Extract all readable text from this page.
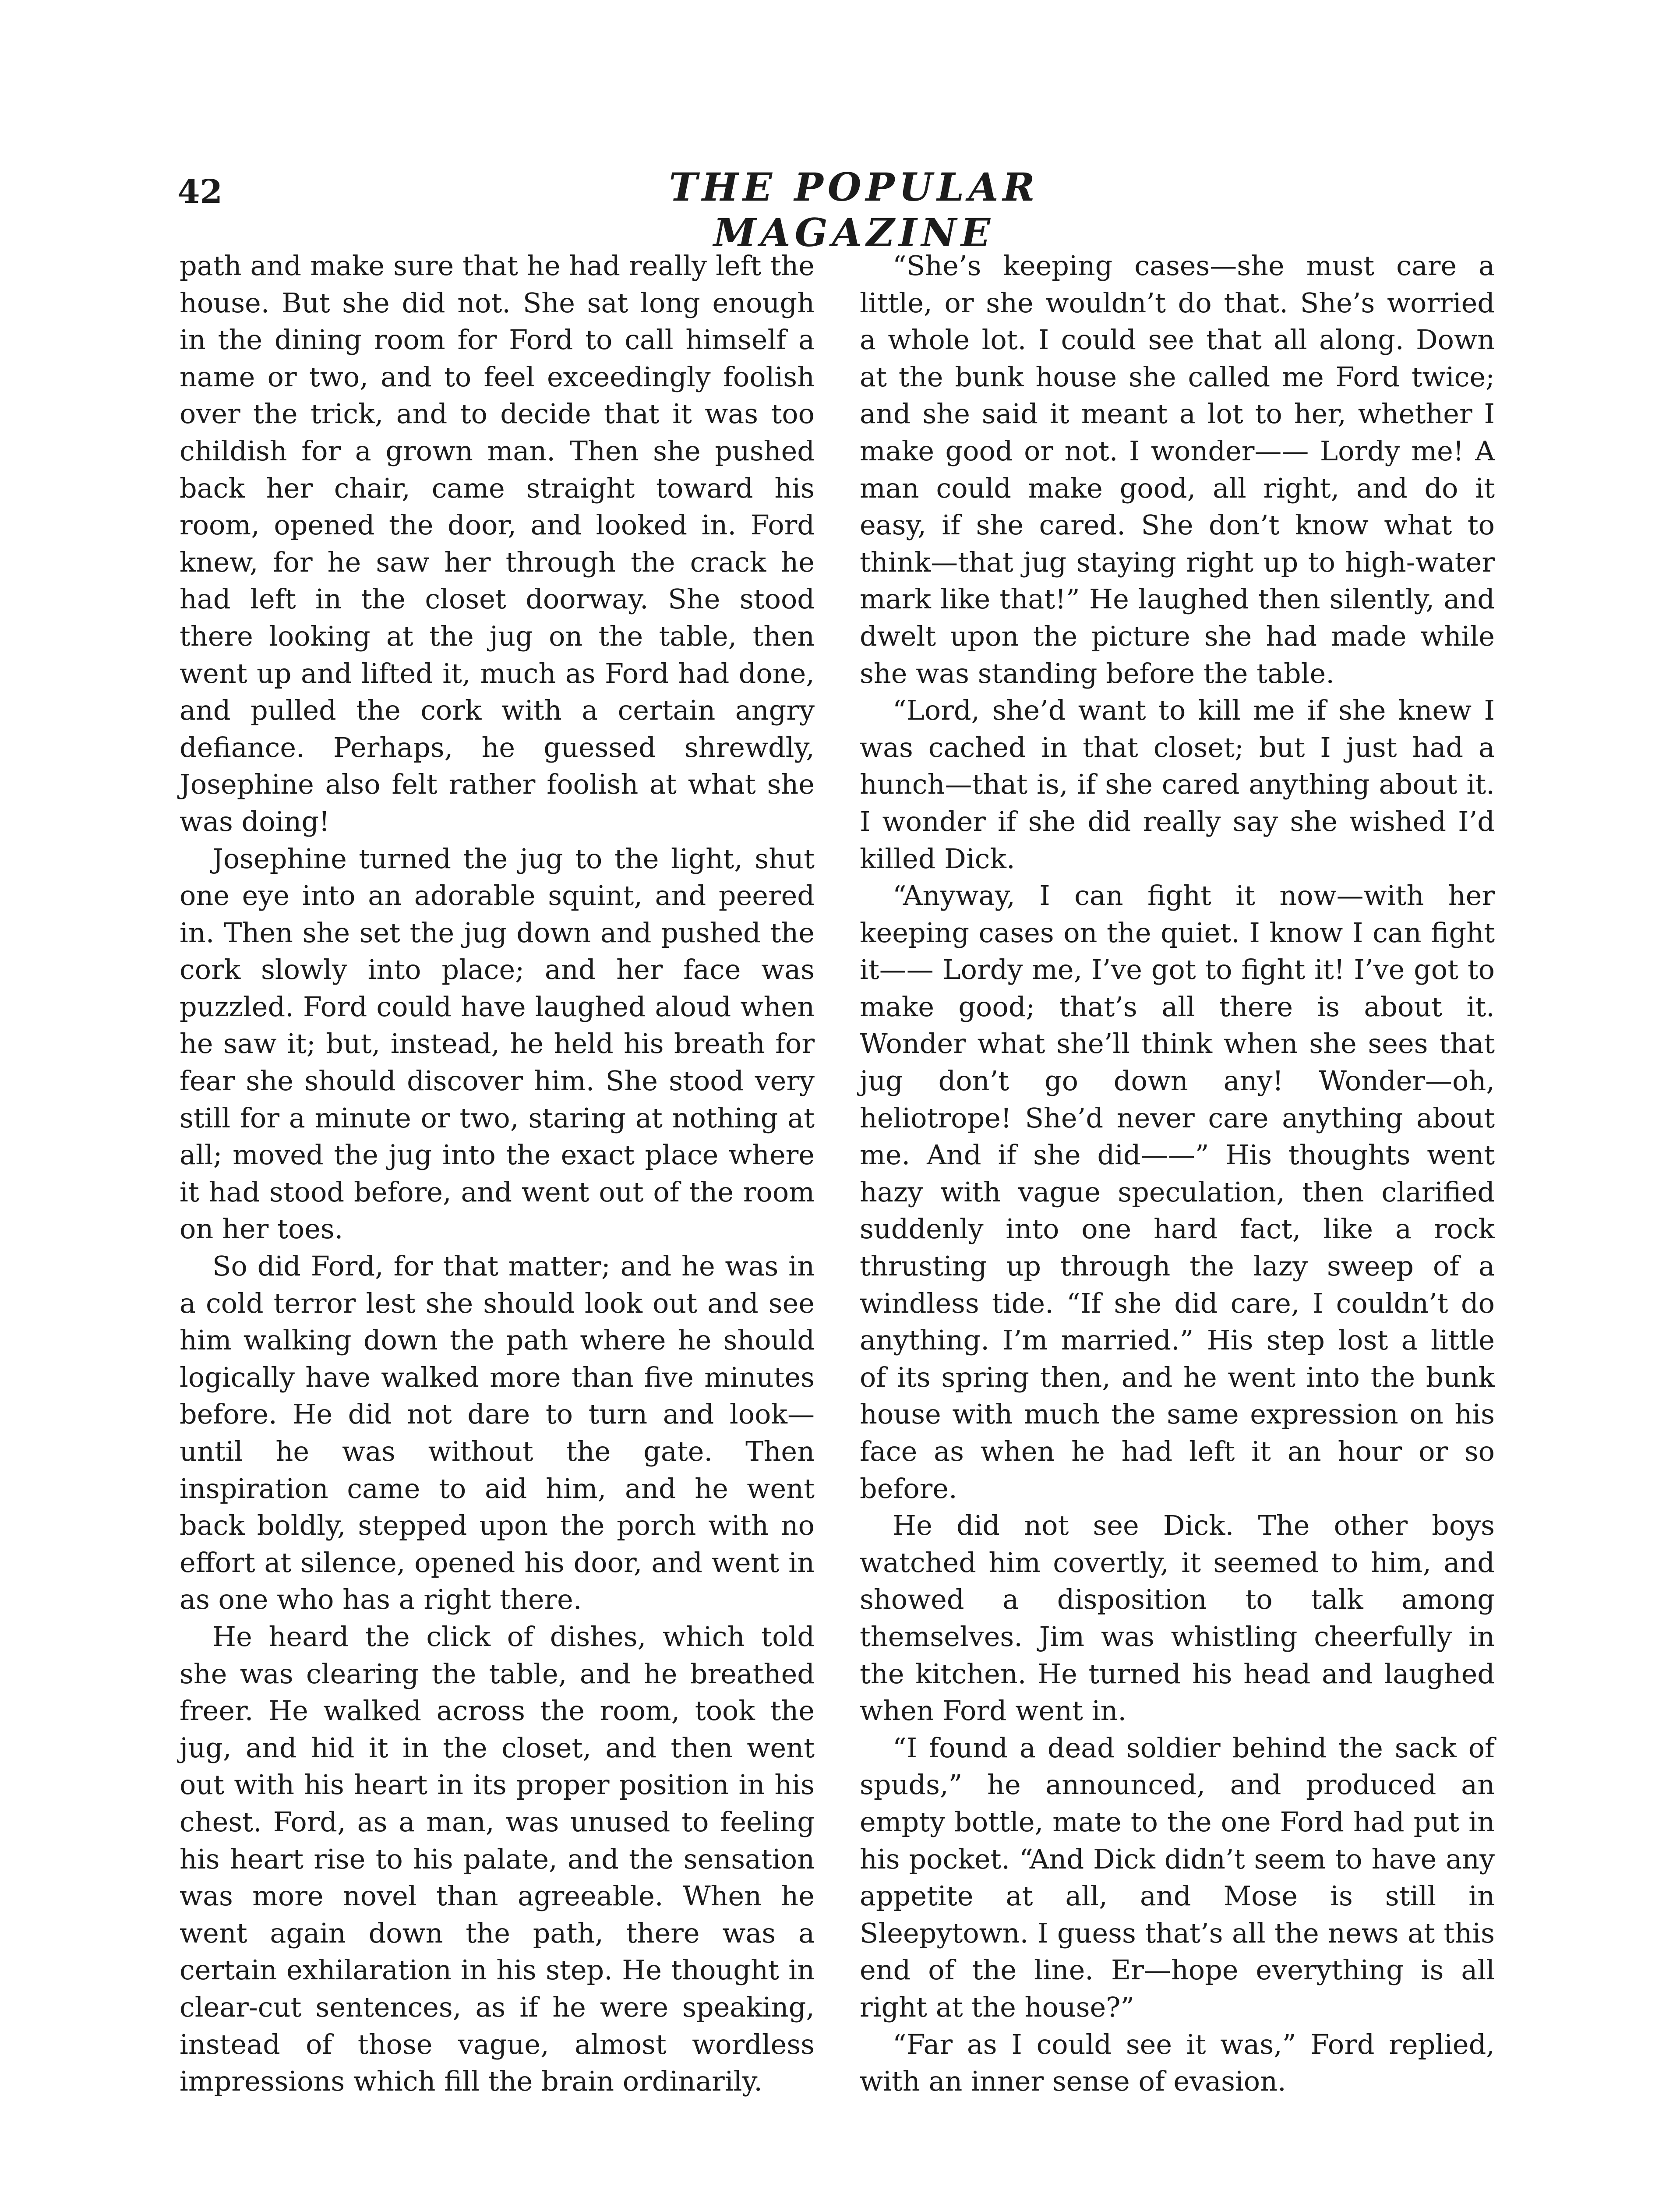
42	THE POPULAR MAGAZINE

path and make sure that he had really left the house. But she did not. She sat long enough in the dining room for Ford to call himself a name or two, and to feel exceedingly foolish over the trick, and to decide that it was too childish for a grown man. Then she pushed back her chair, came straight toward his room, opened the door, and looked in. Ford knew, for he saw her through the crack he had left in the closet doorway. She stood there looking at the jug on the table, then went up and lifted it, much as Ford had done, and pulled the cork with a certain angry defiance. Perhaps, he guessed shrewdly, Josephine also felt rather foolish at what she was doing!

Josephine turned the jug to the light, shut one eye into an adorable squint, and peered in. Then she set the jug down and pushed the cork slowly into place; and her face was puzzled. Ford could have laughed aloud when he saw it; but, instead, he held his breath for fear she should discover him. She stood very still for a minute or two, staring at nothing at all; moved the jug into the exact place where it had stood before, and went out of the room on her toes.

So did Ford, for that matter; and he was in a cold terror lest she should look out and see him walking down the path where he should logically have walked more than five minutes before. He did not dare to turn and look—until he was without the gate. Then inspiration came to aid him, and he went back boldly, stepped upon the porch with no effort at silence, opened his door, and went in as one who has a right there.

He heard the click of dishes, which told she was clearing the table, and he breathed freer. He walked across the room, took the jug, and hid it in the closet, and then went out with his heart in its proper position in his chest. Ford, as a man, was unused to feeling his heart rise to his palate, and the sensation was more novel than agreeable. When he went again down the path, there was a certain exhilaration in his step. He thought in clear-cut sentences, as if he were speaking, instead of those vague, almost wordless impressions which fill the brain ordinarily.

“She’s keeping cases—she must care a little, or she wouldn’t do that. She’s worried a whole lot. I could see that all along. Down at the bunk house she called me Ford twice; and she said it meant a lot to her, whether I make good or not. I wonder—— Lordy me! A man could make good, all right, and do it easy, if she cared. She don’t know what to think—that jug staying right up to high-water mark like that!” He laughed then silently, and dwelt upon the picture she had made while she was standing before the table.

“Lord, she’d want to kill me if she knew I was cached in that closet; but I just had a hunch—that is, if she cared anything about it. I wonder if she did really say she wished I’d killed Dick.

“Anyway, I can fight it now—with her keeping cases on the quiet. I know I can fight it—— Lordy me, I’ve got to fight it! I’ve got to make good; that’s all there is about it. Wonder what she’ll think when she sees that jug don’t go down any! Wonder—oh, heliotrope! She’d never care anything about me. And if she did——” His thoughts went hazy with vague speculation, then clarified suddenly into one hard fact, like a rock thrusting up through the lazy sweep of a windless tide. “If she did care, I couldn’t do anything. I’m married.” His step lost a little of its spring then, and he went into the bunk house with much the same expression on his face as when he had left it an hour or so before.

He did not see Dick. The other boys watched him covertly, it seemed to him, and showed a disposition to talk among themselves. Jim was whistling cheerfully in the kitchen. He turned his head and laughed when Ford went in.

“I found a dead soldier behind the sack of spuds,” he announced, and produced an empty bottle, mate to the one Ford had put in his pocket. “And Dick didn’t seem to have any appetite at all, and Mose is still in Sleepytown. I guess that’s all the news at this end of the line. Er—hope everything is all right at the house?”

“Far as I could see it was,” Ford replied, with an inner sense of evasion.
